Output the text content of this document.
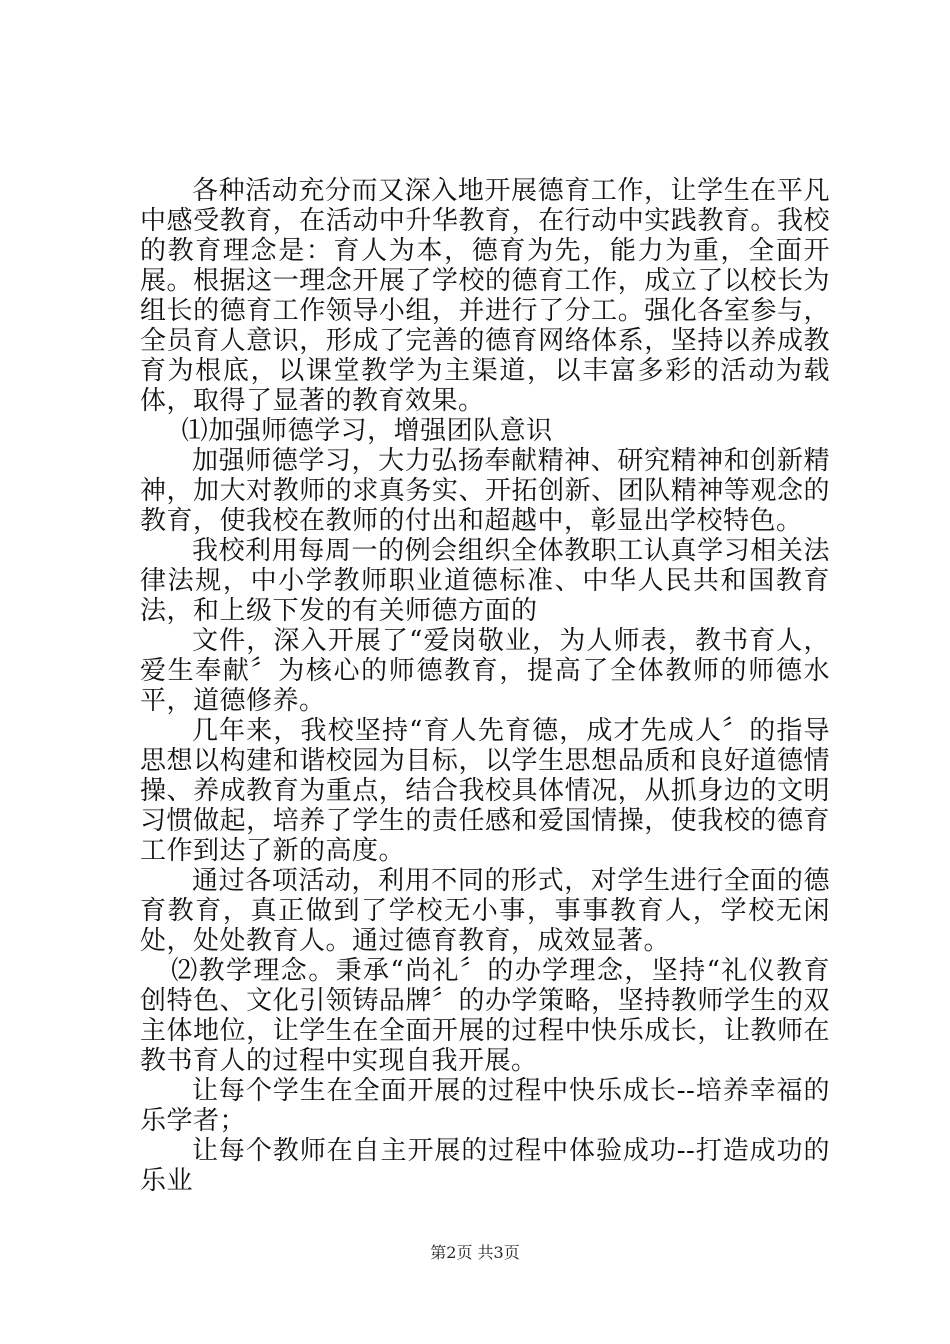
各种活动充分而又深入地开展德育工作，让学生在平凡中感受教育，在活动中升华教育，在行动中实践教育。我校的教育理念是：育人为本，德育为先，能力为重，全面开展。根据这一理念开展了学校的德育工作，成立了以校长为组长的德育工作领导小组，并进行了分工。强化各室参与，全员育人意识，形成了完善的德育网络体系，坚持以养成教育为根底，以课堂教学为主渠道，以丰富多彩的活动为载体，取得了显著的教育效果。

⑴加强师德学习，增强团队意识

加强师德学习，大力弘扬奉献精神、研究精神和创新精神，加大对教师的求真务实、开拓创新、团队精神等观念的教育，使我校在教师的付出和超越中，彰显出学校特色。

我校利用每周一的例会组织全体教职工认真学习相关法律法规，中小学教师职业道德标准、中华人民共和国教育法，和上级下发的有关师德方面的

文件，深入开展了“爱岗敬业，为人师表，教书育人，爱生奉献〞为核心的师德教育，提高了全体教师的师德水平，道德修养。

几年来，我校坚持“育人先育德，成才先成人〞的指导思想以构建和谐校园为目标，以学生思想品质和良好道德情操、养成教育为重点，结合我校具体情况，从抓身边的文明习惯做起，培养了学生的责任感和爱国情操，使我校的德育工作到达了新的高度。

通过各项活动，利用不同的形式，对学生进行全面的德育教育，真正做到了学校无小事，事事教育人，学校无闲处，处处教育人。通过德育教育，成效显著。

⑵教学理念。秉承“尚礼〞的办学理念，坚持“礼仪教育创特色、文化引领铸品牌〞的办学策略，坚持教师学生的双主体地位，让学生在全面开展的过程中快乐成长，让教师在教书育人的过程中实现自我开展。

让每个学生在全面开展的过程中快乐成长--培养幸福的乐学者；

让每个教师在自主开展的过程中体验成功--打造成功的乐业

第2页 共3页
